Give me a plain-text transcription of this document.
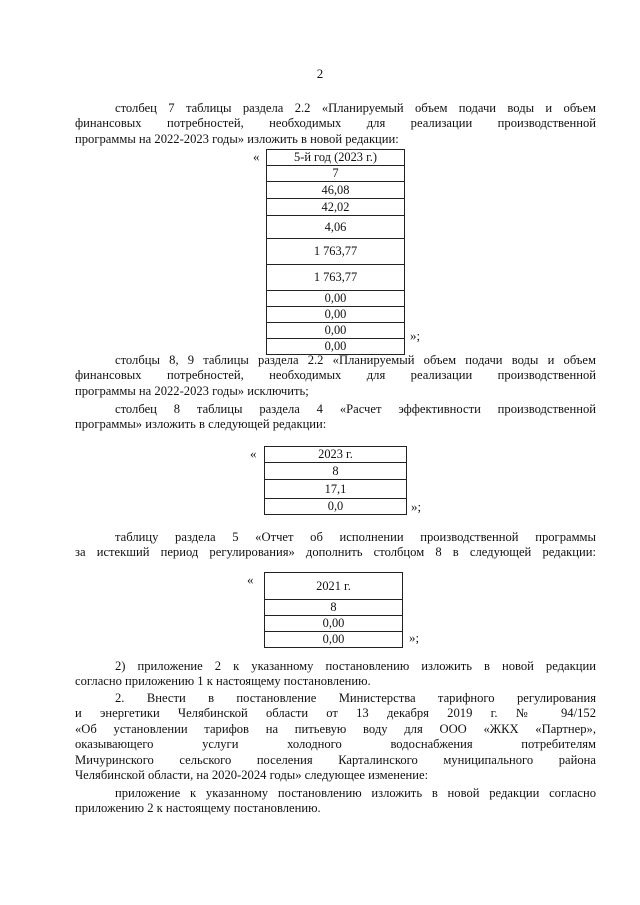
2
столбец 7 таблицы раздела 2.2 «Планируемый объем подачи воды и объем
финансовых потребностей, необходимых для реализации производственной
программы на 2022-2023 годы» изложить в новой редакции:
«	5-й год (2023 г.)
7
46,08
42,02
4,06
1 763,77
1 763,77
0,00
0,00
0,00
0,00
»;
столбцы 8, 9 таблицы раздела 2.2 «Планируемый объем подачи воды и объем
финансовых потребностей, необходимых для реализации производственной
программы на 2022-2023 годы» исключить;
столбец 8 таблицы раздела 4 «Расчет эффективности производственной
программы» изложить в следующей редакции:
«	2023 г.
8
17,1
0,0	»;
таблицу раздела 5 «Отчет об исполнении производственной программы
за истекший период регулирования» дополнить столбцом 8 в следующей редакции:
«	2021 г.
8
0,00
0,00	»;
2) приложение 2 к указанному постановлению изложить в новой редакции
согласно приложению 1 к настоящему постановлению.
2. Внести в постановление Министерства тарифного регулирования
и энергетики Челябинской области от 13 декабря 2019 г. № 94/152
«Об установлении тарифов на питьевую воду для ООО «ЖКХ «Партнер»,
оказывающего услуги холодного водоснабжения потребителям
Мичуринского сельского поселения Карталинского муниципального района
Челябинской области, на 2020-2024 годы» следующее изменение:
приложение к указанному постановлению изложить в новой редакции согласно
приложению 2 к настоящему постановлению.
